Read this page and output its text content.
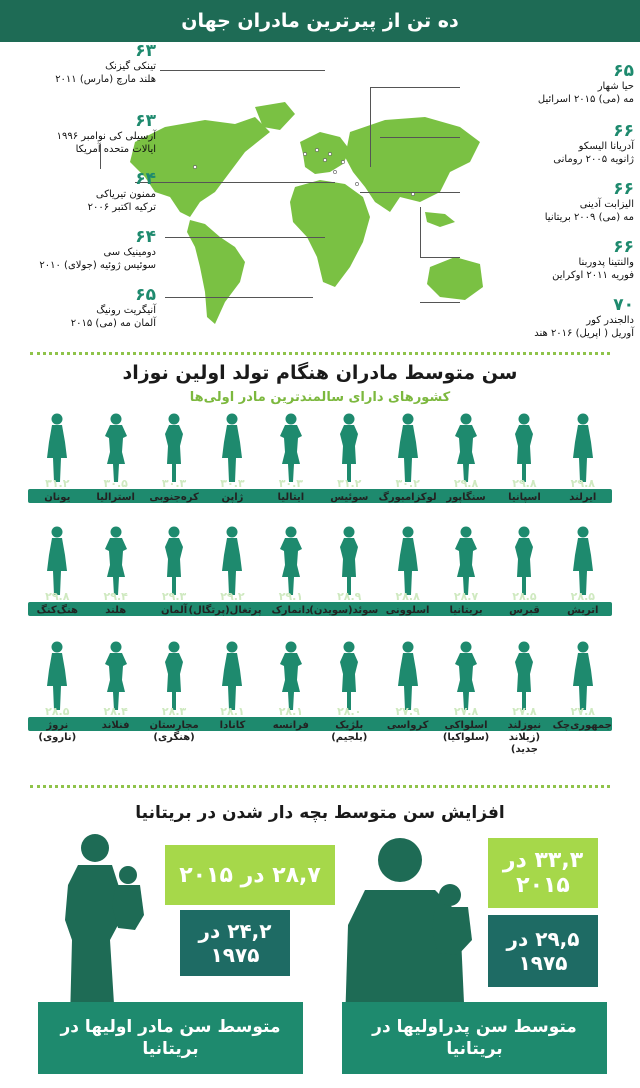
ده تن از پیرترین مادران جهان
۶۳
تینکی گیزنک
هلند مارچ (مارس) ۲۰۱۱
۶۳
آرسیلی کی نوامبر ۱۹۹۶
ایالات متحده آمریکا
۶۴
ممنون تیریاکی
ترکیه اکتبر ۲۰۰۶
۶۴
دومینیک سی
سوئیس ژوئیه (جولای) ۲۰۱۰
۶۵
آنیگریت رونیگ
آلمان مه (می) ۲۰۱۵
۶۵
حیا شهار
مه (می) ۲۰۱۵ اسرائیل
۶۶
آدریانا الیسکو
ژانویه ۲۰۰۵ رومانی
۶۶
الیزابت آدینی
مه (می) ۲۰۰۹ بریتانیا
۶۶
والنتینا پدوربنا
فوریه ۲۰۱۱ اوکراین
۷۰
دالجندر کور
آوریل ( اپریل) ۲۰۱۶ هند
سن متوسط مادران هنگام تولد اولین نوزاد
کشورهای دارای سالمندترین مادر اولی‌ها
۲۹.۸
ایرلند
۲۹.۸
اسپانیا
۲۹.۸
سنگاپور
۳۰.۲
لوکزامبورگ
۳۱.۲
سوئیس
۳۰.۳
ایتالیا
۳۰.۳
ژاپن
۳۰.۳
کره‌جنوبی
۳۰.۵
استرالیا
۳۱.۲
یونان
۲۸.۵
اتریش
۲۸.۵
قبرس
۲۸.۷
بریتانیا
۲۸.۸
اسلوونی
۲۸.۹
سوئد(سویدن)
۲۹.۱
دانمارک
۲۹.۲
پرتغال(پرتگال)
۲۹.۳
آلمان
۲۹.۴
هلند
۲۹.۸
هنگ‌کنگ
۲۷.۸
جمهوری‌چک
۲۷.۸
نیوزلند (زیلاند جدید)
۲۷.۸
اسلواکی (سلواکیا)
۲۷.۹
کرواسی
۲۸.۰
بلژیک (بلجیم)
۲۸.۱
فرانسه
۲۸.۱
کانادا
۲۸.۳
مجارستان (هنگری)
۲۸.۴
فنلاند
۲۸.۵
نروژ (ناروی)
افزایش سن متوسط بچه دار شدن در بریتانیا
۲۸,۷ در ۲۰۱۵
۲۴,۲ در ۱۹۷۵
متوسط سن مادر اولیها در بریتانیا
۳۳,۳ در ۲۰۱۵
۲۹,۵ در ۱۹۷۵
متوسط سن پدراولیها در بریتانیا
